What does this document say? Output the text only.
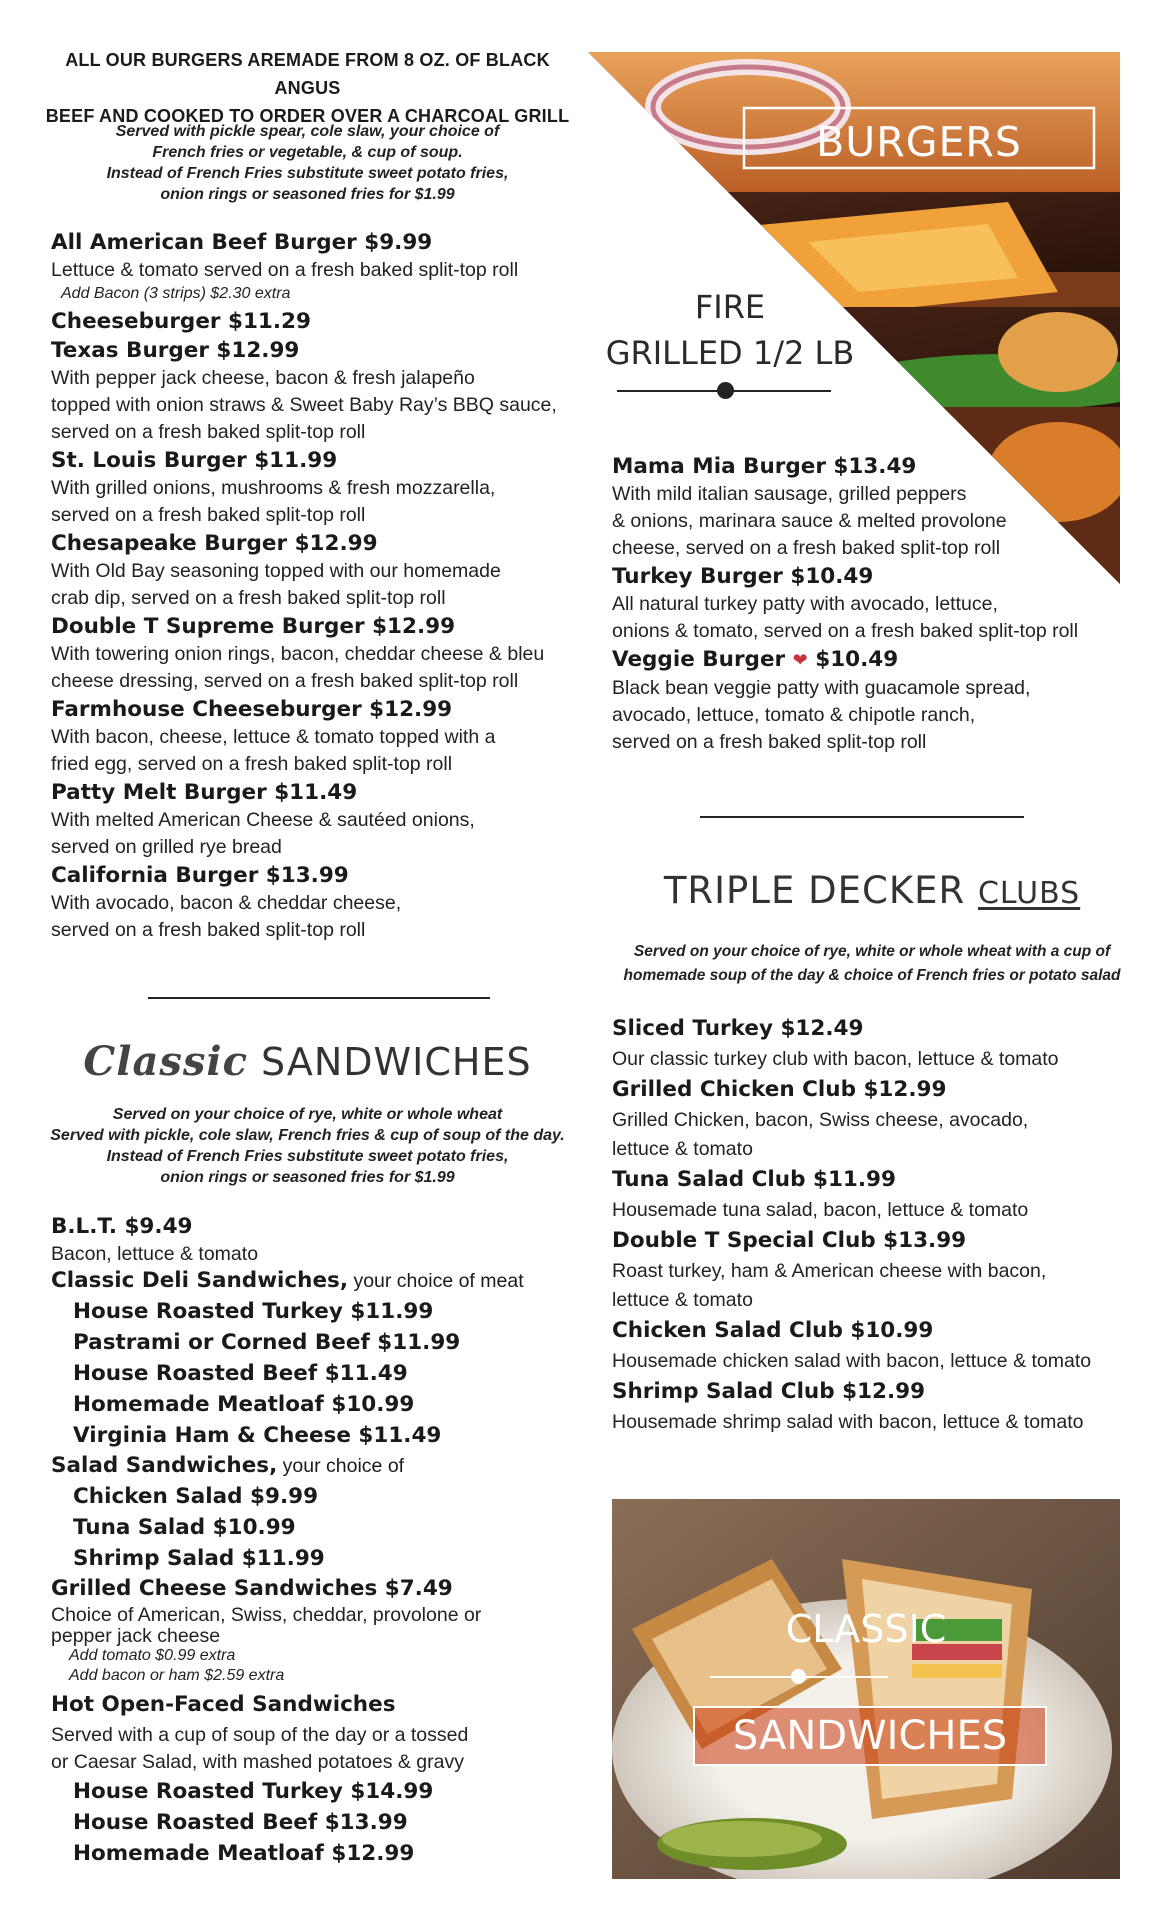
ALL OUR BURGERS AREMADE FROM 8 OZ. OF BLACK ANGUS
BEEF AND COOKED TO ORDER OVER A CHARCOAL GRILL
Served with pickle spear, cole slaw, your choice of
French fries or vegetable, & cup of soup.
Instead of French Fries substitute sweet potato fries,
onion rings or seasoned fries for $1.99
BURGERS
FIRE
GRILLED 1/2 LB
All American Beef Burger $9.99
Lettuce & tomato served on a fresh baked split-top roll
Add Bacon (3 strips) $2.30 extra
Cheeseburger $11.29
Texas Burger $12.99
With pepper jack cheese, bacon & fresh jalapeño
topped with onion straws & Sweet Baby Ray’s BBQ sauce,
served on a fresh baked split-top roll
St. Louis Burger $11.99
With grilled onions, mushrooms & fresh mozzarella,
served on a fresh baked split-top roll
Chesapeake Burger $12.99
With Old Bay seasoning topped with our homemade
crab dip, served on a fresh baked split-top roll
Double T Supreme Burger $12.99
With towering onion rings, bacon, cheddar cheese & bleu
cheese dressing, served on a fresh baked split-top roll
Farmhouse Cheeseburger $12.99
With bacon, cheese, lettuce & tomato topped with a
fried egg, served on a fresh baked split-top roll
Patty Melt Burger $11.49
With melted American Cheese & sautéed onions,
served on grilled rye bread
California Burger $13.99
With avocado, bacon & cheddar cheese,
served on a fresh baked split-top roll
Mama Mia Burger $13.49
With mild italian sausage, grilled peppers
& onions, marinara sauce & melted provolone
cheese, served on a fresh baked split-top roll
Turkey Burger $10.49
All natural turkey patty with avocado, lettuce,
onions & tomato, served on a fresh baked split-top roll
Veggie Burger ❤ $10.49
Black bean veggie patty with guacamole spread,
avocado, lettuce, tomato & chipotle ranch,
served on a fresh baked split-top roll
TRIPLE DECKER CLUBS
Served on your choice of rye, white or whole wheat with a cup of
homemade soup of the day & choice of French fries or potato salad
Sliced Turkey $12.49
Our classic turkey club with bacon, lettuce & tomato
Grilled Chicken Club $12.99
Grilled Chicken, bacon, Swiss cheese, avocado,
lettuce & tomato
Tuna Salad Club $11.99
Housemade tuna salad, bacon, lettuce & tomato
Double T Special Club $13.99
Roast turkey, ham & American cheese with bacon,
lettuce & tomato
Chicken Salad Club $10.99
Housemade chicken salad with bacon, lettuce & tomato
Shrimp Salad Club $12.99
Housemade shrimp salad with bacon, lettuce & tomato
Classic SANDWICHES
Served on your choice of rye, white or whole wheat
Served with pickle, cole slaw, French fries & cup of soup of the day.
Instead of French Fries substitute sweet potato fries,
onion rings or seasoned fries for $1.99
B.L.T. $9.49
Bacon, lettuce & tomato
Classic Deli Sandwiches, your choice of meat
House Roasted Turkey $11.99
Pastrami or Corned Beef $11.99
House Roasted Beef $11.49
Homemade Meatloaf $10.99
Virginia Ham & Cheese $11.49
Salad Sandwiches, your choice of
Chicken Salad $9.99
Tuna Salad $10.99
Shrimp Salad $11.99
Grilled Cheese Sandwiches $7.49
Choice of American, Swiss, cheddar, provolone or
pepper jack cheese
Add tomato $0.99 extra
Add bacon or ham $2.59 extra
Hot Open-Faced Sandwiches
Served with a cup of soup of the day or a tossed
or Caesar Salad, with mashed potatoes & gravy
House Roasted Turkey $14.99
House Roasted Beef $13.99
Homemade Meatloaf $12.99
CLASSIC
SANDWICHES
